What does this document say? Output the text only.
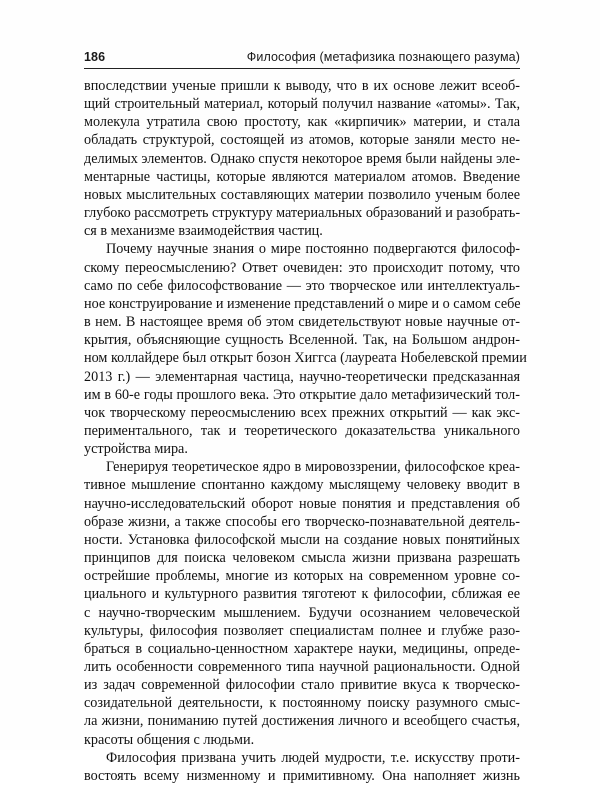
186	Философия (метафизика познающего разума)
впоследствии ученые пришли к выводу, что в их основе лежит всеоб-
щий строительный материал, который получил название «атомы». Так,
молекула утратила свою простоту, как «кирпичик» материи, и стала
обладать структурой, состоящей из атомов, которые заняли место не-
делимых элементов. Однако спустя некоторое время были найдены эле-
ментарные частицы, которые являются материалом атомов. Введение
новых мыслительных составляющих материи позволило ученым более
глубоко рассмотреть структуру материальных образований и разобрать-
ся в механизме взаимодействия частиц.
Почему научные знания о мире постоянно подвергаются философ-
скому переосмыслению? Ответ очевиден: это происходит потому, что
само по себе философствование — это творческое или интеллектуаль-
ное конструирование и изменение представлений о мире и о самом себе
в нем. В настоящее время об этом свидетельствуют новые научные от-
крытия, объясняющие сущность Вселенной. Так, на Большом андрон-
ном коллайдере был открыт бозон Хиггса (лауреата Нобелевской премии
2013 г.) — элементарная частица, научно-теоретически предсказанная
им в 60-е годы прошлого века. Это открытие дало метафизический тол-
чок творческому переосмыслению всех прежних открытий — как экс-
периментального, так и теоретического доказательства уникального
устройства мира.
Генерируя теоретическое ядро в мировоззрении, философское креа-
тивное мышление спонтанно каждому мыслящему человеку вводит в
научно-исследовательский оборот новые понятия и представления об
образе жизни, а также способы его творческо-познавательной деятель-
ности. Установка философской мысли на создание новых понятийных
принципов для поиска человеком смысла жизни призвана разрешать
острейшие проблемы, многие из которых на современном уровне со-
циального и культурного развития тяготеют к философии, сближая ее
с научно-творческим мышлением. Будучи осознанием человеческой
культуры, философия позволяет специалистам полнее и глубже разо-
браться в социально-ценностном характере науки, медицины, опреде-
лить особенности современного типа научной рациональности. Одной
из задач современной философии стало привитие вкуса к творческо-
созидательной деятельности, к постоянному поиску разумного смыс-
ла жизни, пониманию путей достижения личного и всеобщего счастья,
красоты общения с людьми.
Философия призвана учить людей мудрости, т.е. искусству проти-
востоять всему низменному и примитивному. Она наполняет жизнь
